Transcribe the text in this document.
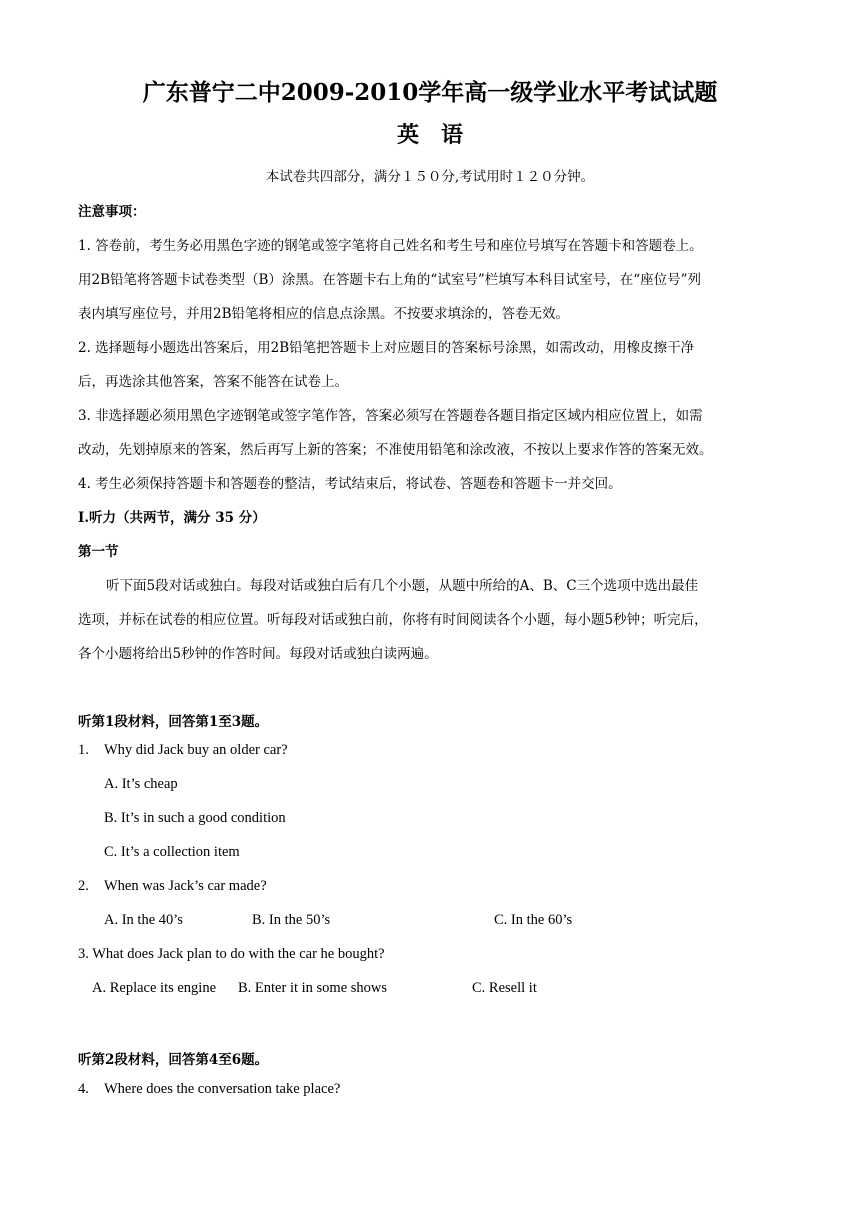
广东普宁二中2009-2010学年高一级学业水平考试试题
英　语
本试卷共四部分，满分１５０分,考试用时１２０分钟。
注意事项：
1. 答卷前，考生务必用黑色字迹的钢笔或签字笔将自己姓名和考生号和座位号填写在答题卡和答题卷上。
用2B铅笔将答题卡试卷类型（B）涂黑。在答题卡右上角的“试室号”栏填写本科目试室号，在“座位号”列
表内填写座位号，并用2B铅笔将相应的信息点涂黑。不按要求填涂的，答卷无效。
2. 选择题每小题选出答案后，用2B铅笔把答题卡上对应题目的答案标号涂黑，如需改动，用橡皮擦干净
后，再选涂其他答案，答案不能答在试卷上。
3. 非选择题必须用黑色字迹钢笔或签字笔作答，答案必须写在答题卷各题目指定区域内相应位置上，如需
改动，先划掉原来的答案，然后再写上新的答案；不准使用铅笔和涂改液，不按以上要求作答的答案无效。
4. 考生必须保持答题卡和答题卷的整洁，考试结束后，将试卷、答题卷和答题卡一并交回。
I.听力（共两节，满分 35 分）
第一节
听下面5段对话或独白。每段对话或独白后有几个小题，从题中所给的A、B、C三个选项中选出最佳
选项，并标在试卷的相应位置。听每段对话或独白前，你将有时间阅读各个小题，每小题5秒钟；听完后，
各个小题将给出5秒钟的作答时间。每段对话或独白读两遍。
听第1段材料，回答第1至3题。
1. Why did Jack buy an older car?
A. It’s cheap
B. It’s in such a good condition
C. It’s a collection item
2. When was Jack’s car made?
A. In the 40’s	B. In the 50’s	C. In the 60’s
3. What does Jack plan to do with the car he bought?
A. Replace its engine B. Enter it in some shows	C. Resell it
听第2段材料，回答第4至6题。
4. Where does the conversation take place?
